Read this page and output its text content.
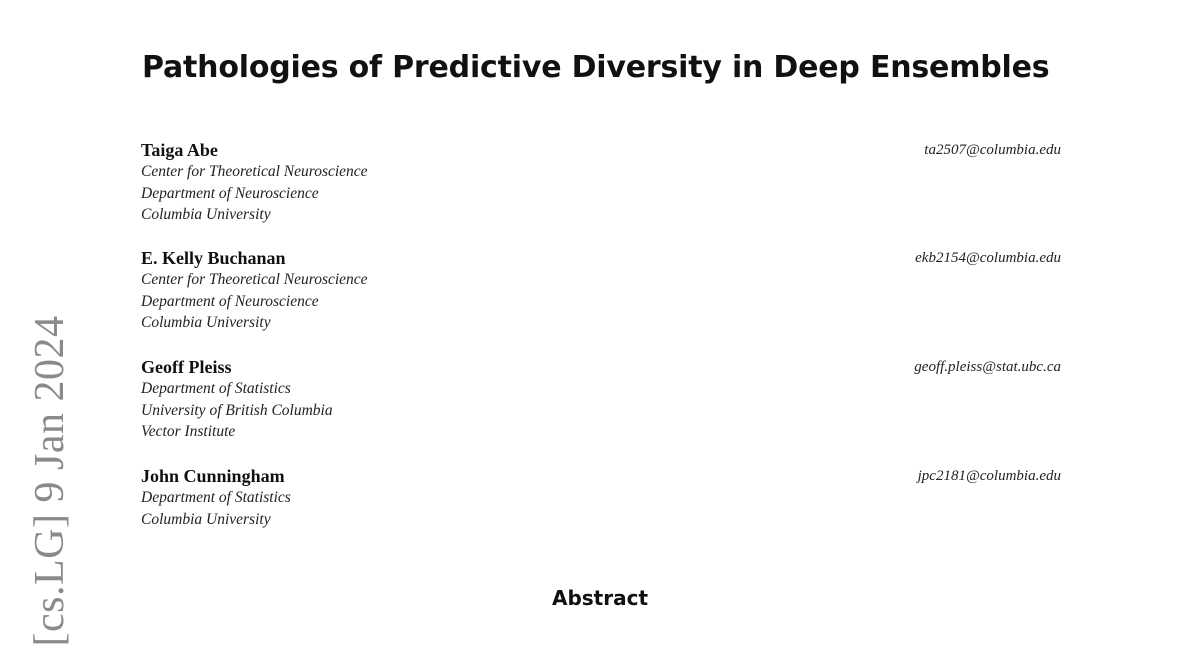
[cs.LG] 9 Jan 2024
Pathologies of Predictive Diversity in Deep Ensembles
Taiga Abe	ta2507@columbia.edu
Center for Theoretical Neuroscience
Department of Neuroscience
Columbia University
E. Kelly Buchanan	ekb2154@columbia.edu
Center for Theoretical Neuroscience
Department of Neuroscience
Columbia University
Geoff Pleiss	geoff.pleiss@stat.ubc.ca
Department of Statistics
University of British Columbia
Vector Institute
John Cunningham	jpc2181@columbia.edu
Department of Statistics
Columbia University
Abstract
